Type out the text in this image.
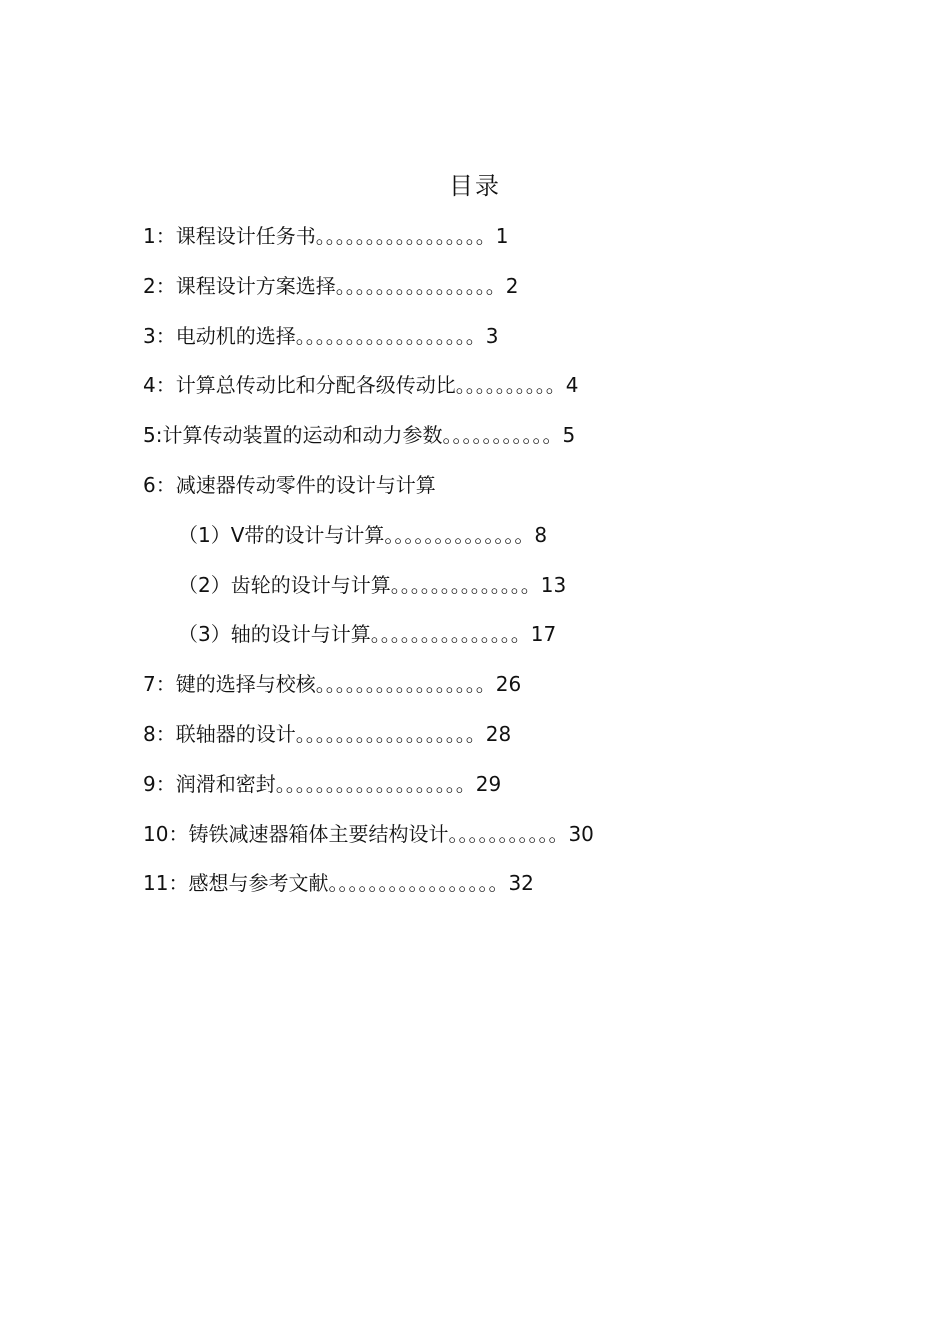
目录
1：课程设计任务书。。。。。。。。。。。。。。。。。1
2：课程设计方案选择。。。。。。。。。。。。。。。。2
3：电动机的选择。。。。。。。。。。。。。。。。。。3
4：计算总传动比和分配各级传动比。。。。。。。。。。4
5:计算传动装置的运动和动力参数。。。。。。。。。。。5
6：减速器传动零件的设计与计算
（1）V带的设计与计算。。。。。。。。。。。。。。8
（2）齿轮的设计与计算。。。。。。。。。。。。。。13
（3）轴的设计与计算。。。。。。。。。。。。。。。17
7：键的选择与校核。。。。。。。。。。。。。。。。。26
8：联轴器的设计。。。。。。。。。。。。。。。。。。28
9：润滑和密封。。。。。。。。。。。。。。。。。。。29
10：铸铁减速器箱体主要结构设计。。。。。。。。。。。30
11：感想与参考文献。。。。。。。。。。。。。。。。。32
